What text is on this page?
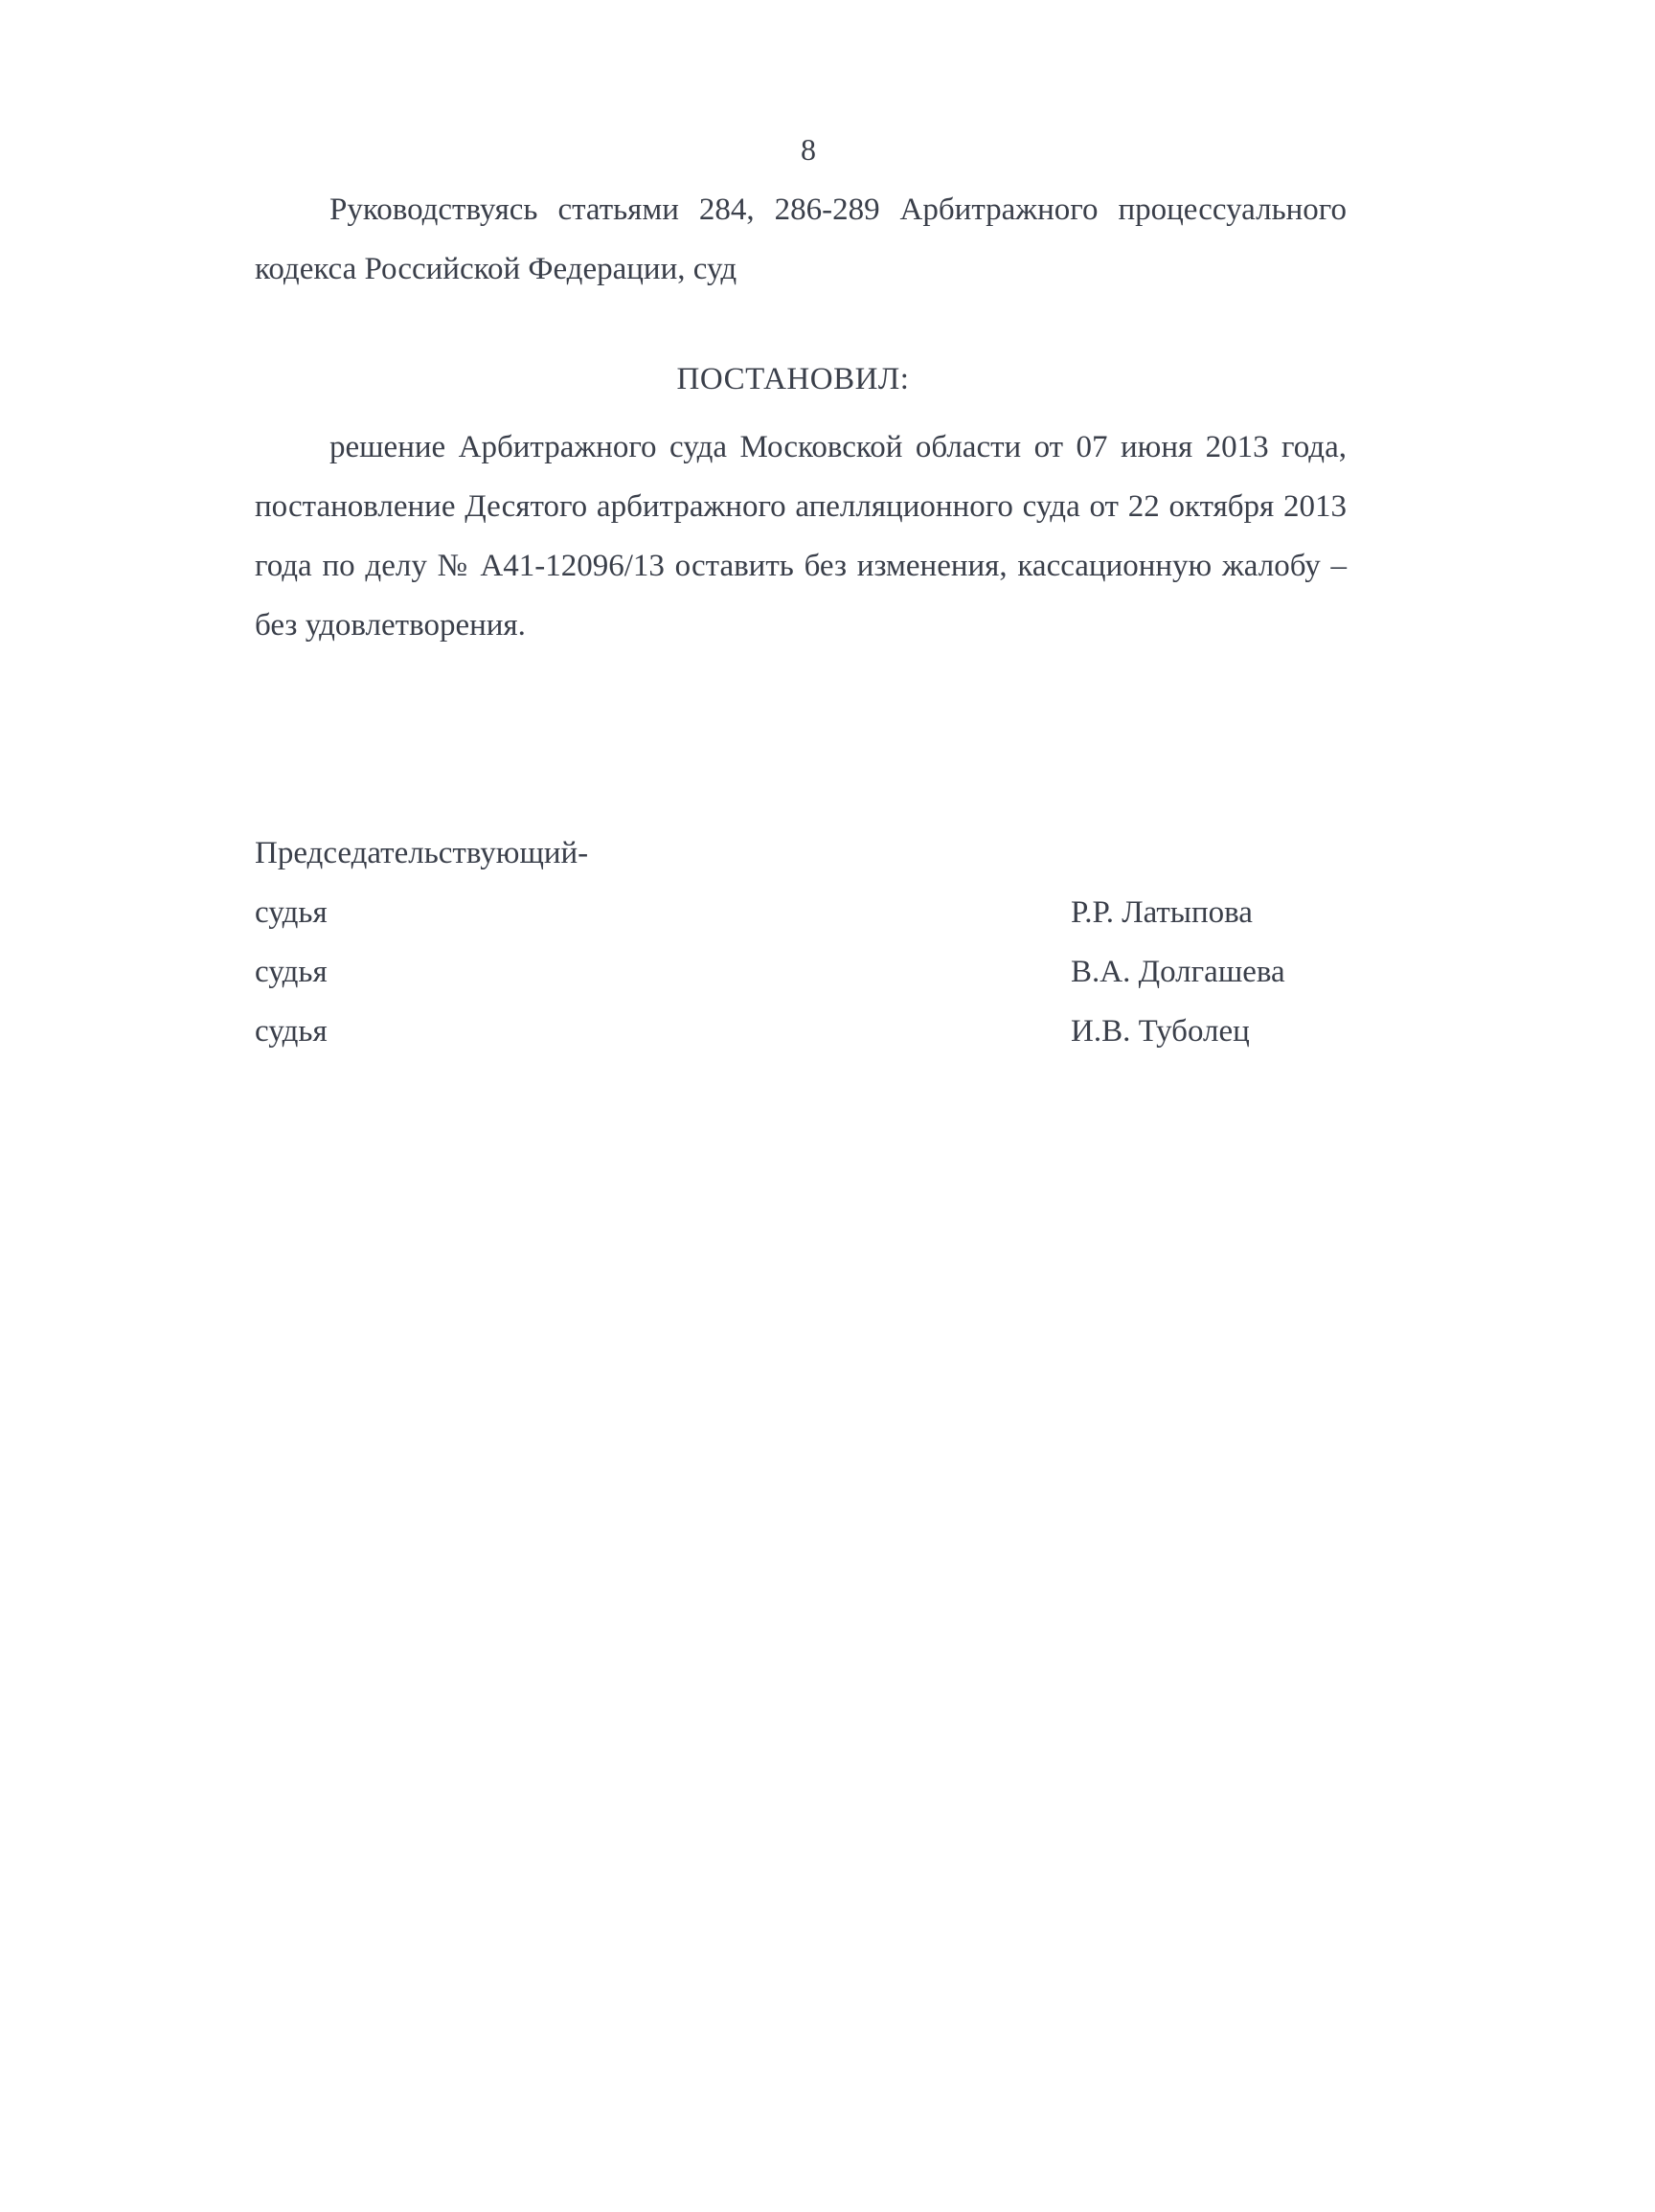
8

Руководствуясь статьями 284, 286-289 Арбитражного процессуального кодекса Российской Федерации, суд

ПОСТАНОВИЛ:

решение Арбитражного суда Московской области от 07 июня 2013 года, постановление Десятого арбитражного апелляционного суда от 22 октября 2013 года по делу № А41-12096/13 оставить без изменения, кассационную жалобу – без удовлетворения.

Председательствующий-
судья	Р.Р. Латыпова
судья	В.А. Долгашева
судья	И.В. Туболец
